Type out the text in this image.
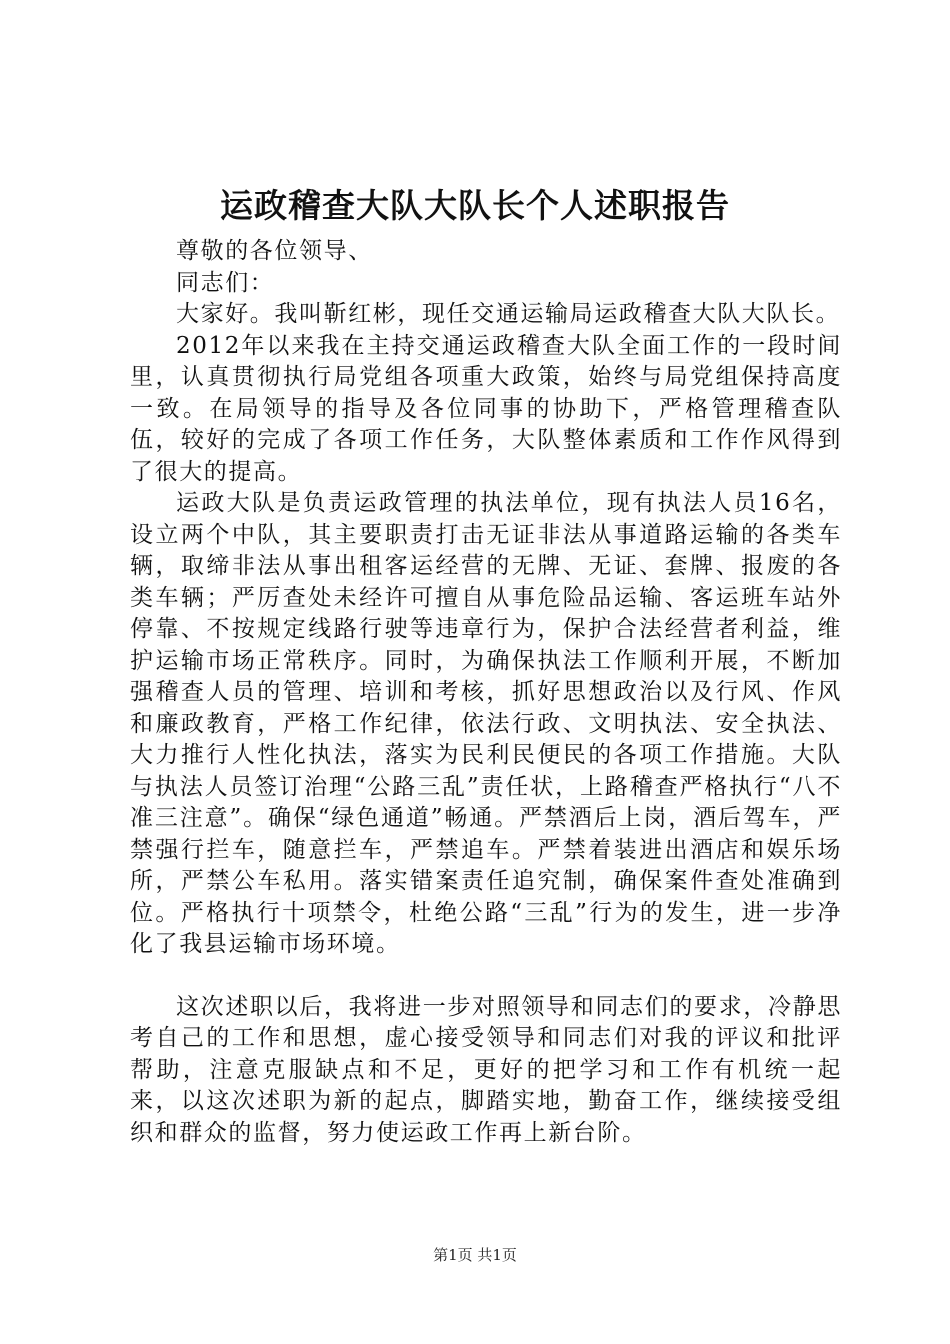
运政稽查大队大队长个人述职报告

尊敬的各位领导、

同志们：

大家好。我叫靳红彬，现任交通运输局运政稽查大队大队长。

2012年以来我在主持交通运政稽查大队全面工作的一段时间里，认真贯彻执行局党组各项重大政策，始终与局党组保持高度一致。在局领导的指导及各位同事的协助下，严格管理稽查队伍，较好的完成了各项工作任务，大队整体素质和工作作风得到了很大的提高。

运政大队是负责运政管理的执法单位，现有执法人员16名，设立两个中队，其主要职责打击无证非法从事道路运输的各类车辆，取缔非法从事出租客运经营的无牌、无证、套牌、报废的各类车辆；严厉查处未经许可擅自从事危险品运输、客运班车站外停靠、不按规定线路行驶等违章行为，保护合法经营者利益，维护运输市场正常秩序。同时，为确保执法工作顺利开展，不断加强稽查人员的管理、培训和考核，抓好思想政治以及行风、作风和廉政教育，严格工作纪律，依法行政、文明执法、安全执法、大力推行人性化执法，落实为民利民便民的各项工作措施。大队与执法人员签订治理“公路三乱”责任状，上路稽查严格执行“八不准三注意”。确保“绿色通道”畅通。严禁酒后上岗，酒后驾车，严禁强行拦车，随意拦车，严禁追车。严禁着装进出酒店和娱乐场所，严禁公车私用。落实错案责任追究制，确保案件查处准确到位。严格执行十项禁令，杜绝公路“三乱”行为的发生，进一步净化了我县运输市场环境。

这次述职以后，我将进一步对照领导和同志们的要求，冷静思考自己的工作和思想，虚心接受领导和同志们对我的评议和批评帮助，注意克服缺点和不足，更好的把学习和工作有机统一起来，以这次述职为新的起点，脚踏实地，勤奋工作，继续接受组织和群众的监督，努力使运政工作再上新台阶。

第1页 共1页
